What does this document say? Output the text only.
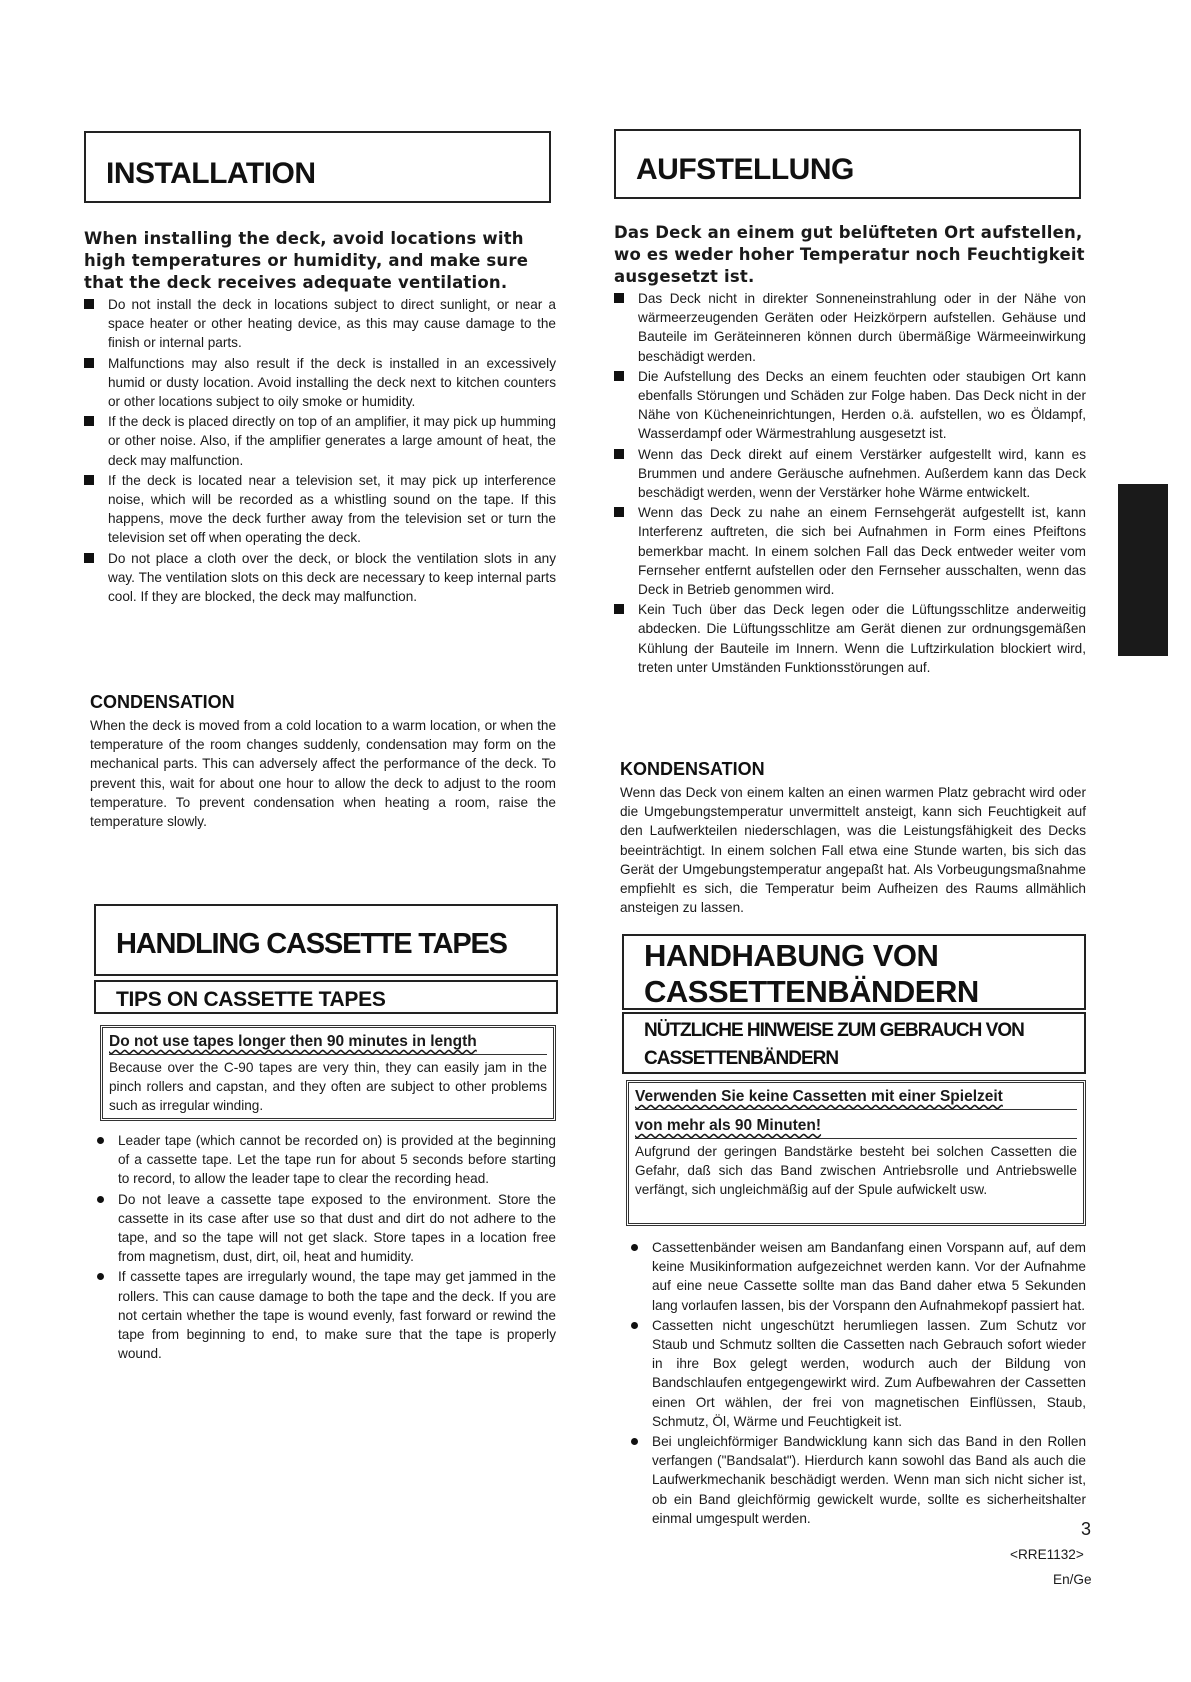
INSTALLATION
When installing the deck, avoid locations with high temperatures or humidity, and make sure that the deck receives adequate ventilation.
Do not install the deck in locations subject to direct sunlight, or near a space heater or other heating device, as this may cause damage to the finish or internal parts.
Malfunctions may also result if the deck is installed in an excessively humid or dusty location. Avoid installing the deck next to kitchen counters or other locations subject to oily smoke or humidity.
If the deck is placed directly on top of an amplifier, it may pick up humming or other noise. Also, if the amplifier generates a large amount of heat, the deck may malfunction.
If the deck is located near a television set, it may pick up interference noise, which will be recorded as a whistling sound on the tape. If this happens, move the deck further away from the television set or turn the television set off when operating the deck.
Do not place a cloth over the deck, or block the ventilation slots in any way. The ventilation slots on this deck are necessary to keep internal parts cool. If they are blocked, the deck may malfunction.
CONDENSATION

When the deck is moved from a cold location to a warm location, or when the temperature of the room changes suddenly, condensation may form on the mechanical parts. This can adversely affect the performance of the deck. To prevent this, wait for about one hour to allow the deck to adjust to the room temperature. To prevent condensation when heating a room, raise the temperature slowly.

HANDLING CASSETTE TAPES
TIPS ON CASSETTE TAPES
Do not use tapes longer then 90 minutes in length
Because over the C-90 tapes are very thin, they can easily jam in the pinch rollers and capstan, and they often are subject to other problems such as irregular winding.
Leader tape (which cannot be recorded on) is provided at the beginning of a cassette tape. Let the tape run for about 5 seconds before starting to record, to allow the leader tape to clear the recording head.
Do not leave a cassette tape exposed to the environment. Store the cassette in its case after use so that dust and dirt do not adhere to the tape, and so the tape will not get slack. Store tapes in a location free from magnetism, dust, dirt, oil, heat and humidity.
If cassette tapes are irregularly wound, the tape may get jammed in the rollers. This can cause damage to both the tape and the deck. If you are not certain whether the tape is wound evenly, fast forward or rewind the tape from beginning to end, to make sure that the tape is properly wound.
AUFSTELLUNG
Das Deck an einem gut belüfteten Ort aufstellen, wo es weder hoher Temperatur noch Feuchtigkeit ausgesetzt ist.
Das Deck nicht in direkter Sonneneinstrahlung oder in der Nähe von wärmeerzeugenden Geräten oder Heizkörpern aufstellen. Gehäuse und Bauteile im Geräteinneren können durch übermäßige Wärmeeinwirkung beschädigt werden.
Die Aufstellung des Decks an einem feuchten oder staubigen Ort kann ebenfalls Störungen und Schäden zur Folge haben. Das Deck nicht in der Nähe von Kücheneinrichtungen, Herden o.ä. aufstellen, wo es Öldampf, Wasserdampf oder Wärmestrahlung ausgesetzt ist.
Wenn das Deck direkt auf einem Verstärker aufgestellt wird, kann es Brummen und andere Geräusche aufnehmen. Außerdem kann das Deck beschädigt werden, wenn der Verstärker hohe Wärme entwickelt.
Wenn das Deck zu nahe an einem Fernsehgerät aufgestellt ist, kann Interferenz auftreten, die sich bei Aufnahmen in Form eines Pfeiftons bemerkbar macht. In einem solchen Fall das Deck entweder weiter vom Fernseher entfernt aufstellen oder den Fernseher ausschalten, wenn das Deck in Betrieb genommen wird.
Kein Tuch über das Deck legen oder die Lüftungsschlitze anderweitig abdecken. Die Lüftungsschlitze am Gerät dienen zur ordnungsgemäßen Kühlung der Bauteile im Innern. Wenn die Luftzirkulation blockiert wird, treten unter Umständen Funktionsstörungen auf.
KONDENSATION

Wenn das Deck von einem kalten an einen warmen Platz gebracht wird oder die Umgebungstemperatur unvermittelt ansteigt, kann sich Feuchtigkeit auf den Laufwerkteilen niederschlagen, was die Leistungsfähigkeit des Decks beeinträchtigt. In einem solchen Fall etwa eine Stunde warten, bis sich das Gerät der Umgebungstemperatur angepaßt hat. Als Vorbeugungsmaßnahme empfiehlt es sich, die Temperatur beim Aufheizen des Raums allmählich ansteigen zu lassen.

HANDHABUNG VON
CASSETTENBÄNDERN
NÜTZLICHE HINWEISE ZUM GEBRAUCH VON
CASSETTENBÄNDERN
Verwenden Sie keine Cassetten mit einer Spielzeit
von mehr als 90 Minuten!
Aufgrund der geringen Bandstärke besteht bei solchen Cassetten die Gefahr, daß sich das Band zwischen Antriebsrolle und Antriebswelle verfängt, sich ungleichmäßig auf der Spule aufwickelt usw.
Cassettenbänder weisen am Bandanfang einen Vorspann auf, auf dem keine Musikinformation aufgezeichnet werden kann. Vor der Aufnahme auf eine neue Cassette sollte man das Band daher etwa 5 Sekunden lang vorlaufen lassen, bis der Vorspann den Aufnahmekopf passiert hat.
Cassetten nicht ungeschützt herumliegen lassen. Zum Schutz vor Staub und Schmutz sollten die Cassetten nach Gebrauch sofort wieder in ihre Box gelegt werden, wodurch auch der Bildung von Bandschlaufen entgegengewirkt wird. Zum Aufbewahren der Cassetten einen Ort wählen, der frei von magnetischen Einflüssen, Staub, Schmutz, Öl, Wärme und Feuchtigkeit ist.
Bei ungleichförmiger Bandwicklung kann sich das Band in den Rollen verfangen ("Bandsalat"). Hierdurch kann sowohl das Band als auch die Laufwerkmechanik beschädigt werden. Wenn man sich nicht sicher ist, ob ein Band gleichförmig gewickelt wurde, sollte es sicherheitshalter einmal umgespult werden.
3
<RRE1132>
En/Ge
